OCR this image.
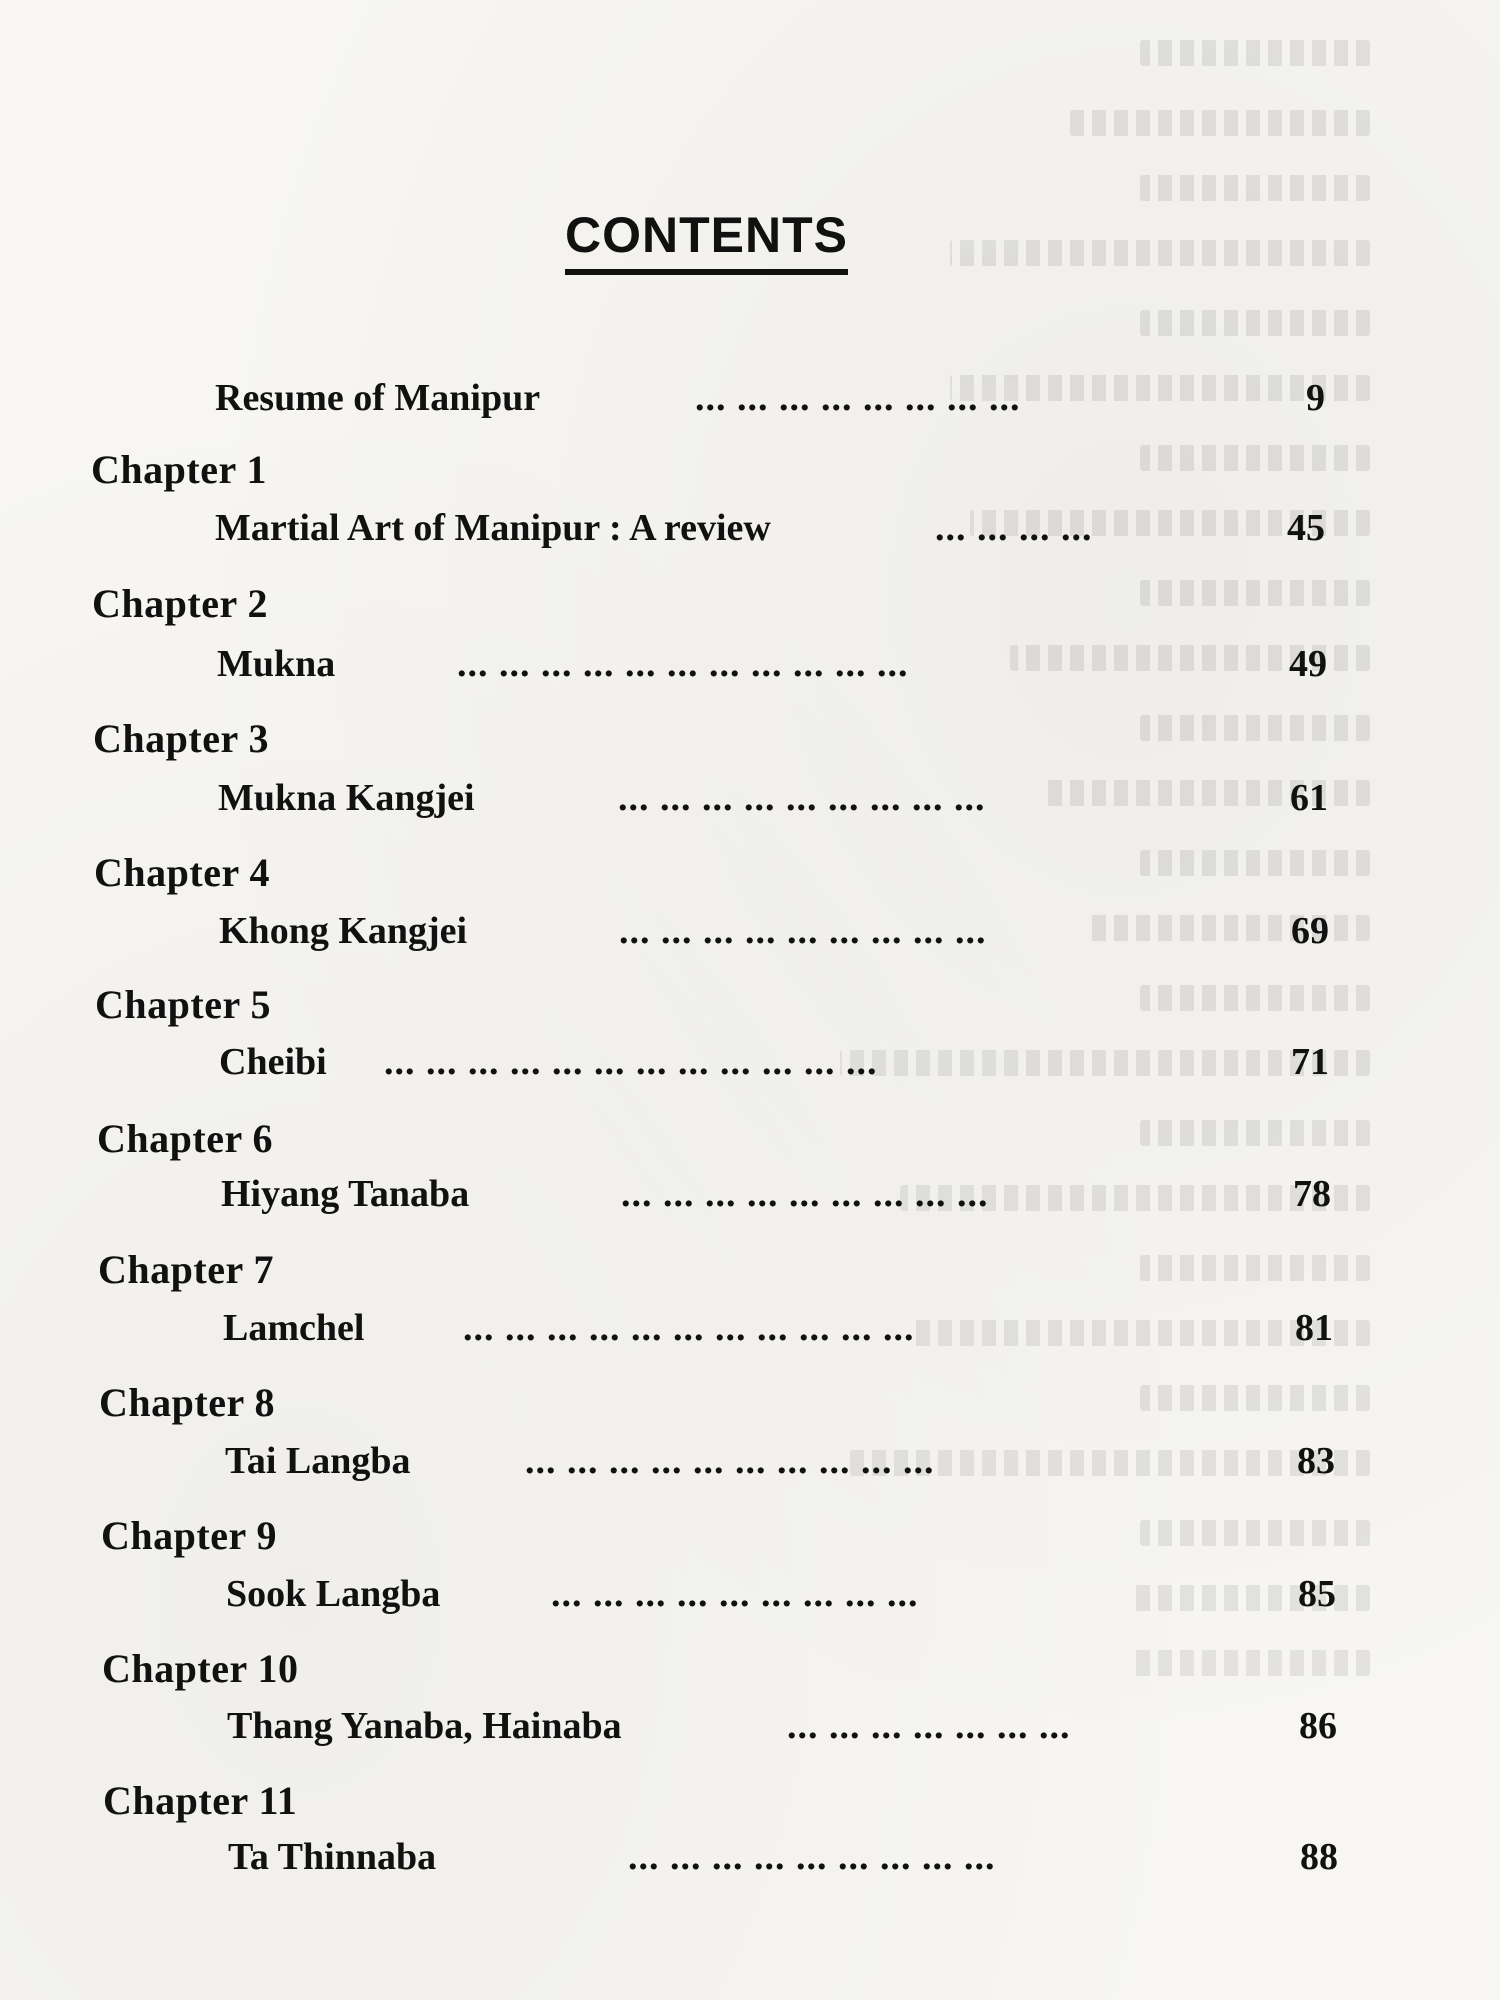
CONTENTS
Resume of Manipur	... ... ... ... ... ... ... ...	9
Chapter 1
Martial Art of Manipur : A review	... ... ... ...	45
Chapter 2
Mukna	... ... ... ... ... ... ... ... ... ... ...	49
Chapter 3
Mukna Kangjei	... ... ... ... ... ... ... ... ...	61
Chapter 4
Khong Kangjei	... ... ... ... ... ... ... ... ...	69
Chapter 5
Cheibi ... ... ... ... ... ... ... ... ... ... ... ...	71
Chapter 6
Hiyang Tanaba	... ... ... ... ... ... ... ... ...	78
Chapter 7
Lamchel	... ... ... ... ... ... ... ... ... ... ...	81
Chapter 8
Tai Langba	... ... ... ... ... ... ... ... ... ...	83
Chapter 9
Sook Langba	... ... ... ... ... ... ... ... ...	85
Chapter 10
Thang Yanaba, Hainaba	... ... ... ... ... ... ...	86
Chapter 11
Ta Thinnaba	... ... ... ... ... ... ... ... ...	88
